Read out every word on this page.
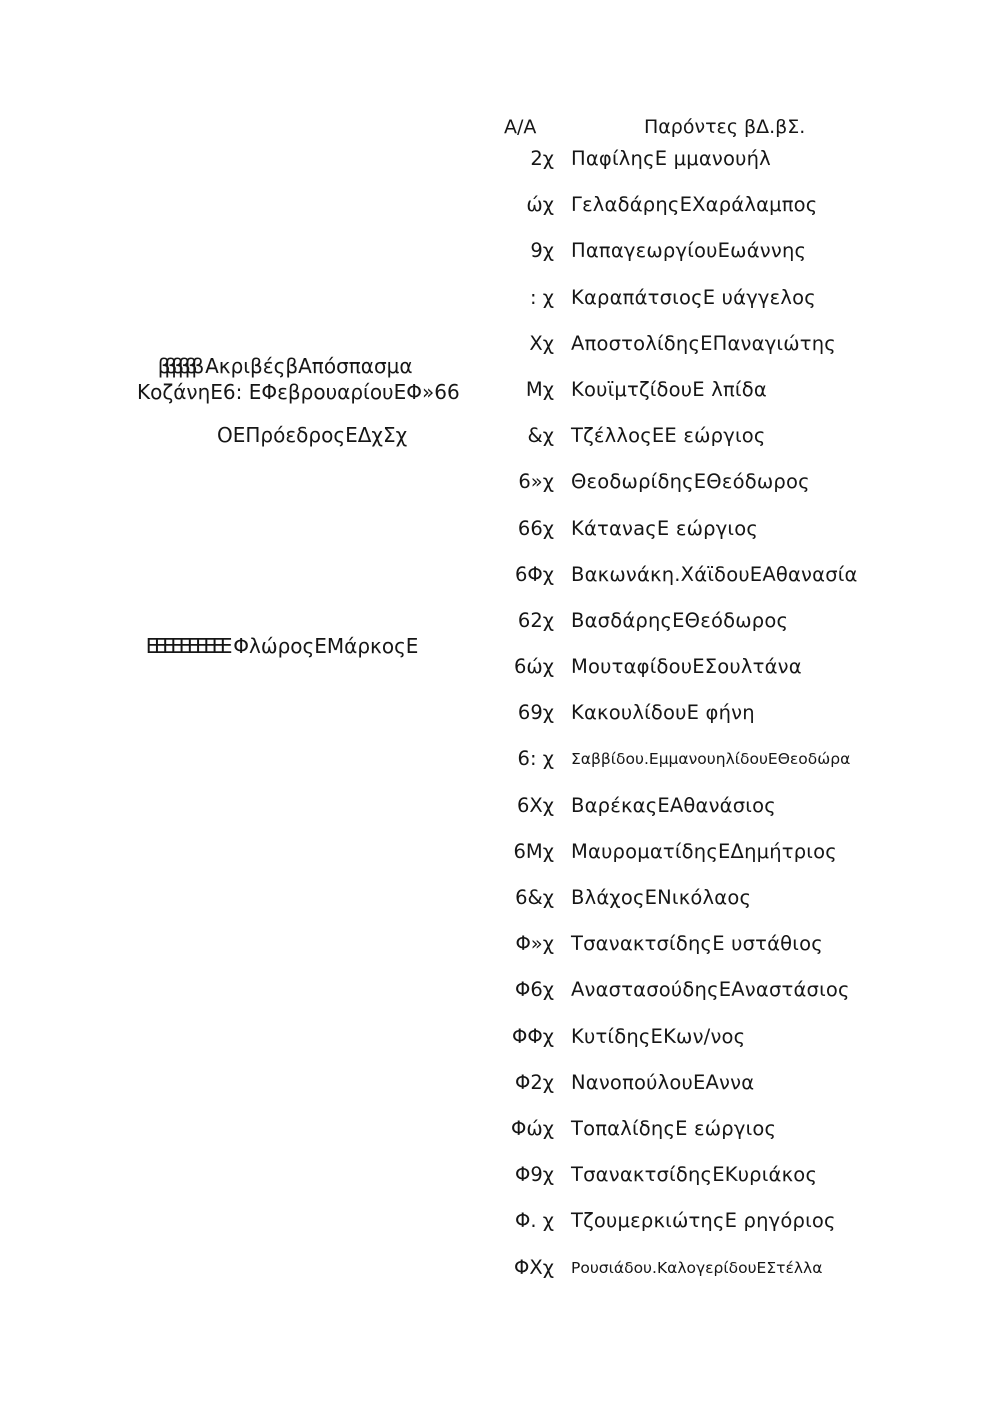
Α/Α	Παρόντες βΔ.βΣ.
2χ ΠαφίληςΕ μμανουήλ
ώχ ΓελαδάρηςΕΧαράλαμπος
9χ ΠαπαγεωργίουΕωάννης
: χ ΚαραπάτσιοςΕ υάγγελος
Χχ ΑποστολίδηςΕΠαναγιώτης
Μχ ΚουϊμτζίδουΕ λπίδα
&χ ΤζέλλοςΕΕ εώργιος
6»χ ΘεοδωρίδηςΕΘεόδωρος
66χ ΚάτανaςΕ εώργιος
6Φχ Βακωνάκη.ΧάϊδουΕΑθανασία
62χ ΒασδάρηςΕΘεόδωρος
6ώχ ΜουταφίδουΕΣουλτάνα
69χ ΚακουλίδουΕ φήνη
6: χ	Σαββίδου.ΕμμανουηλίδουΕΘεοδώρα
6Χχ ΒαρέκαςΕΑθανάσιος
6Μχ ΜαυροματίδηςΕΔημήτριος
6&χ ΒλάχοςΕΝικόλαος
Φ»χ ΤσανακτσίδηςΕ υστάθιος
Φ6χ ΑναστασούδηςΕΑναστάσιος
ΦΦχ ΚυτίδηςΕΚων/νος
Φ2χ ΝανοπούλουΕΑννα
Φώχ ΤοπαλίδηςΕ εώργιος
Φ9χ ΤσανακτσίδηςΕΚυριάκος
Φ. χ ΤζουμερκιώτηςΕ ρηγόριος
ΦΧχ	Ρουσιάδου.ΚαλογερίδουΕΣτέλλα

ββββββ ΑκριβέςβΑπόσπασμα

ΚοζάνηΕ6: ΕΦεβρουαρίουΕΦ»66
ΟΕΠρόεδροςΕΔχΣχ

ΕΕΕΕΕΕΕΕΕΕ ΦλώροςΕΜάρκοςΕ
